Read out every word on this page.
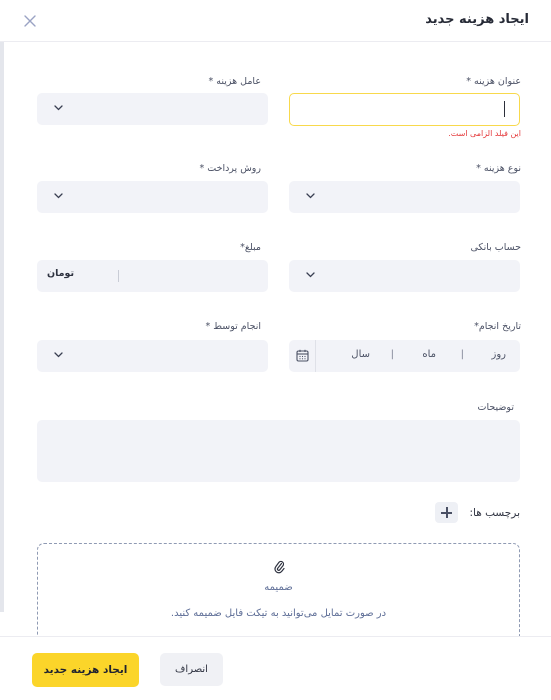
ایجاد هزینه جدید
عنوان هزینه *
این فیلد الزامی است.
عامل هزینه *
نوع هزینه *
روش پرداخت *
حساب بانکی
مبلغ*
تومان
تاریخ انجام*
روز
|
ماه
|
سال
انجام توسط *
توضیحات
برچسب ها:
ضمیمه
در صورت تمایل می‌توانید به تیکت فایل ضمیمه کنید.
انصراف
ایجاد هزینه جدید
